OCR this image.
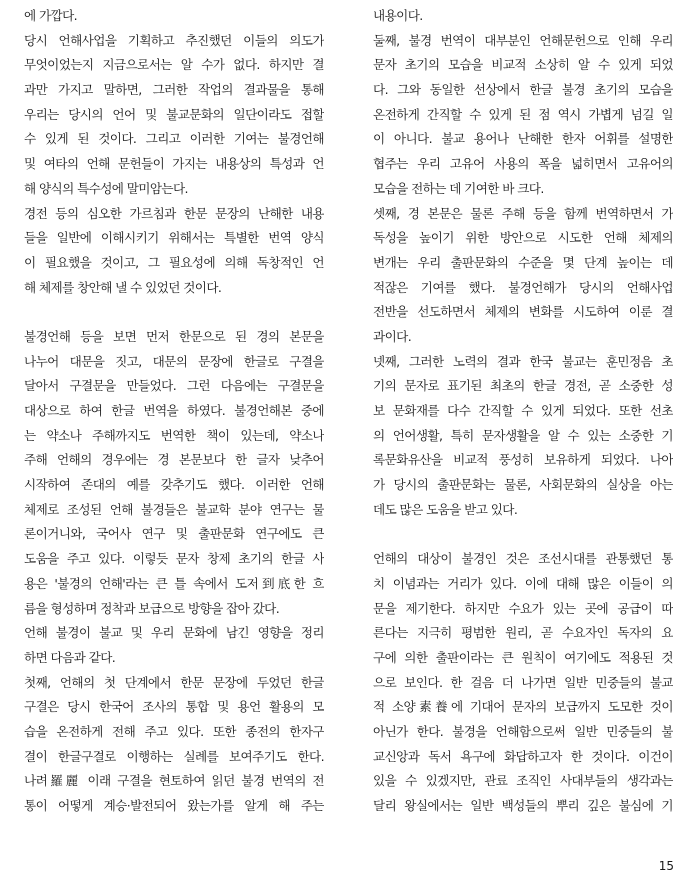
에 가깝다.
당시 언해사업을 기획하고 추진했던 이들의 의도가
무엇이었는지 지금으로서는 알 수가 없다. 하지만 결
과만 가지고 말하면, 그러한 작업의 결과물을 통해
우리는 당시의 언어 및 불교문화의 일단이라도 접할
수 있게 된 것이다. 그리고 이러한 기여는 불경언해
및 여타의 언해 문헌들이 가지는 내용상의 특성과 언
해 양식의 특수성에 말미암는다.
경전 등의 심오한 가르침과 한문 문장의 난해한 내용
들을 일반에 이해시키기 위해서는 특별한 번역 양식
이 필요했을 것이고, 그 필요성에 의해 독창적인 언
해 체제를 창안해 낼 수 있었던 것이다.
불경언해 등을 보면 먼저 한문으로 된 경의 본문을
나누어 대문을 짓고, 대문의 문장에 한글로 구결을
달아서 구결문을 만들었다. 그런 다음에는 구결문을
대상으로 하여 한글 번역을 하였다. 불경언해본 중에
는 약소나 주해까지도 번역한 책이 있는데, 약소나
주해 언해의 경우에는 경 본문보다 한 글자 낮추어
시작하여 존대의 예를 갖추기도 했다. 이러한 언해
체제로 조성된 언해 불경들은 불교학 분야 연구는 물
론이거니와, 국어사 연구 및 출판문화 연구에도 큰
도움을 주고 있다. 이렇듯 문자 창제 초기의 한글 사
용은 '불경의 언해'라는 큰 틀 속에서 도저到底한 흐
름을 형성하며 정착과 보급으로 방향을 잡아 갔다.
언해 불경이 불교 및 우리 문화에 남긴 영향을 정리
하면 다음과 같다.
첫째, 언해의 첫 단계에서 한문 문장에 두었던 한글
구결은 당시 한국어 조사의 통합 및 용언 활용의 모
습을 온전하게 전해 주고 있다. 또한 종전의 한자구
결이 한글구결로 이행하는 실례를 보여주기도 한다.
나려羅麗 이래 구결을 현토하여 읽던 불경 번역의 전
통이 어떻게 계승·발전되어 왔는가를 알게 해 주는
내용이다.
둘째, 불경 번역이 대부분인 언해문헌으로 인해 우리
문자 초기의 모습을 비교적 소상히 알 수 있게 되었
다. 그와 동일한 선상에서 한글 불경 초기의 모습을
온전하게 간직할 수 있게 된 점 역시 가볍게 넘길 일
이 아니다. 불교 용어나 난해한 한자 어휘를 설명한
협주는 우리 고유어 사용의 폭을 넓히면서 고유어의
모습을 전하는 데 기여한 바 크다.
셋째, 경 본문은 물론 주해 등을 함께 번역하면서 가
독성을 높이기 위한 방안으로 시도한 언해 체제의
변개는 우리 출판문화의 수준을 몇 단계 높이는 데
적잖은 기여를 했다. 불경언해가 당시의 언해사업
전반을 선도하면서 체제의 변화를 시도하여 이룬 결
과이다.
넷째, 그러한 노력의 결과 한국 불교는 훈민정음 초
기의 문자로 표기된 최초의 한글 경전, 곧 소중한 성
보 문화재를 다수 간직할 수 있게 되었다. 또한 선초
의 언어생활, 특히 문자생활을 알 수 있는 소중한 기
록문화유산을 비교적 풍성히 보유하게 되었다. 나아
가 당시의 출판문화는 물론, 사회문화의 실상을 아는
데도 많은 도움을 받고 있다.
언해의 대상이 불경인 것은 조선시대를 관통했던 통
치 이념과는 거리가 있다. 이에 대해 많은 이들이 의
문을 제기한다. 하지만 수요가 있는 곳에 공급이 따
른다는 지극히 평범한 원리, 곧 수요자인 독자의 요
구에 의한 출판이라는 큰 원칙이 여기에도 적용된 것
으로 보인다. 한 걸음 더 나가면 일반 민중들의 불교
적 소양素養에 기대어 문자의 보급까지 도모한 것이
아닌가 한다. 불경을 언해함으로써 일반 민중들의 불
교신앙과 독서 욕구에 화답하고자 한 것이다. 이건이
있을 수 있겠지만, 관료 조직인 사대부들의 생각과는
달리 왕실에서는 일반 백성들의 뿌리 깊은 불심에 기
15
